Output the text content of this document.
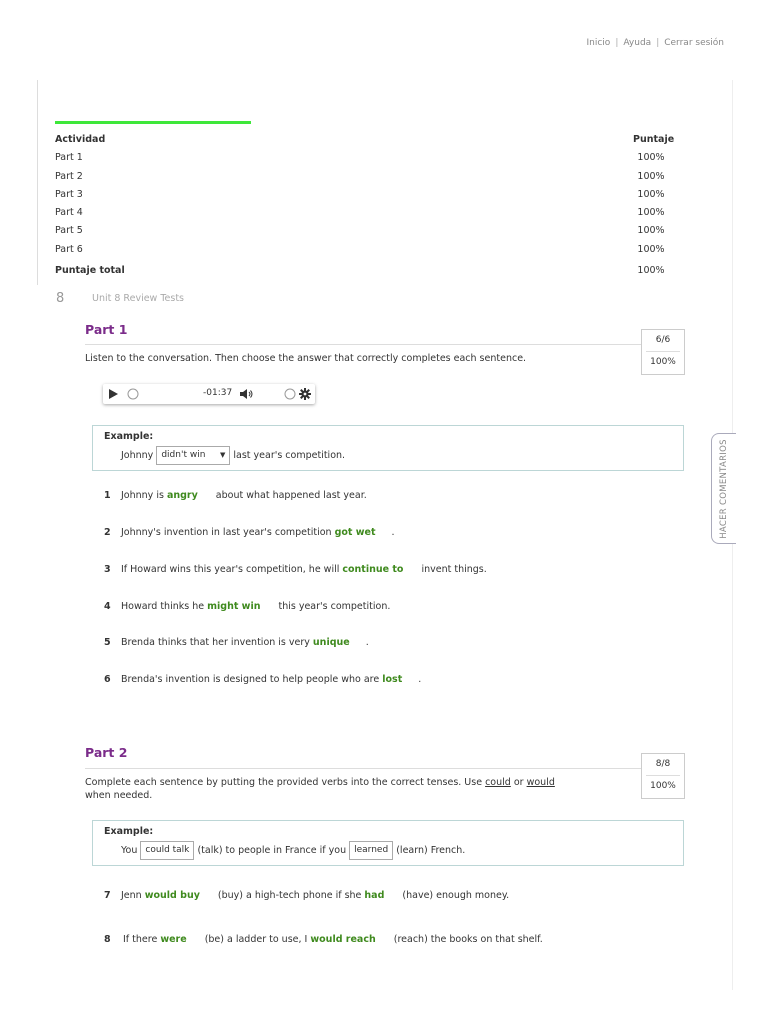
Inicio | Ayuda | Cerrar sesión
Actividad	Puntaje
Part 1	100%
Part 2	100%
Part 3	100%
Part 4	100%
Part 5	100%
Part 6	100%
Puntaje total	100%
8	Unit 8 Review Tests
Part 1
6/6
100%
Listen to the conversation. Then choose the answer that correctly completes each sentence.
-01:37
Example:
Johnny didn't win ▼ last year's competition.
1 Johnny is angry about what happened last year.
2 Johnny's invention in last year's competition got wet .
3 If Howard wins this year's competition, he will continue to invent things.
4 Howard thinks he might win this year's competition.
5 Brenda thinks that her invention is very unique .
6 Brenda's invention is designed to help people who are lost .
Part 2
8/8
100%
Complete each sentence by putting the provided verbs into the correct tenses. Use could or would
when needed.
Example:
You could talk (talk) to people in France if you learned (learn) French.
7 Jenn would buy (buy) a high-tech phone if she had (have) enough money.
8 If there were (be) a ladder to use, I would reach (reach) the books on that shelf.
HACER COMENTARIOS
